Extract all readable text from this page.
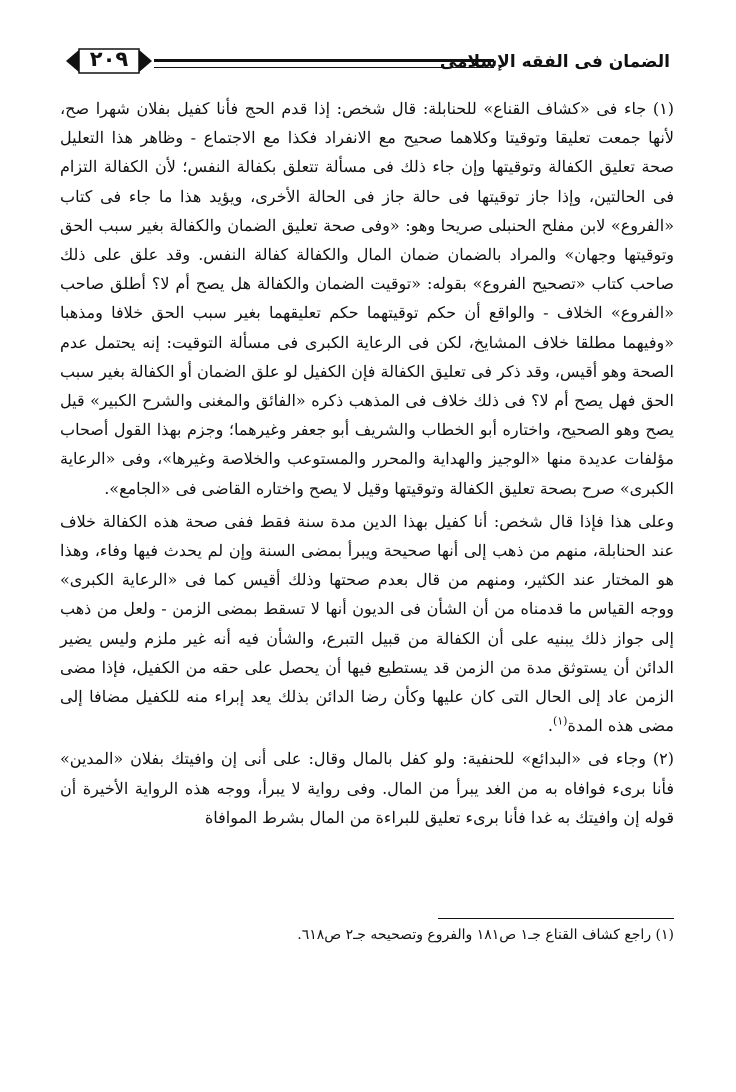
الضمان فى الفقه الإسلامى
٢٠٩

(١) جاء فى «كشاف القناع» للحنابلة: قال شخص: إذا قدم الحج فأنا كفيل بفلان شهرا صح، لأنها جمعت تعليقا وتوقيتا وكلاهما صحيح مع الانفراد فكذا مع الاجتماع - وظاهر هذا التعليل صحة تعليق الكفالة وتوقيتها وإن جاء ذلك فى مسألة تتعلق بكفالة النفس؛ لأن الكفالة التزام فى الحالتين، وإذا جاز توقيتها فى حالة جاز فى الحالة الأخرى، ويؤيد هذا ما جاء فى كتاب «الفروع» لابن مفلح الحنبلى صريحا وهو: «وفى صحة تعليق الضمان والكفالة بغير سبب الحق وتوقيتها وجهان» والمراد بالضمان ضمان المال والكفالة كفالة النفس. وقد علق على ذلك صاحب كتاب «تصحيح الفروع» بقوله: «توقيت الضمان والكفالة هل يصح أم لا؟ أطلق صاحب «الفروع» الخلاف - والواقع أن حكم توقيتهما حكم تعليقهما بغير سبب الحق خلافا ومذهبا «وفيهما مطلقا خلاف المشايخ، لكن فى الرعاية الكبرى فى مسألة التوقيت: إنه يحتمل عدم الصحة وهو أقيس، وقد ذكر فى تعليق الكفالة فإن الكفيل لو علق الضمان أو الكفالة بغير سبب الحق فهل يصح أم لا؟ فى ذلك خلاف فى المذهب ذكره «الفائق والمغنى والشرح الكبير» قيل يصح وهو الصحيح، واختاره أبو الخطاب والشريف أبو جعفر وغيرهما؛ وجزم بهذا القول أصحاب مؤلفات عديدة منها «الوجيز والهداية والمحرر والمستوعب والخلاصة وغيرها»، وفى «الرعاية الكبرى» صرح بصحة تعليق الكفالة وتوقيتها وقيل لا يصح واختاره القاضى فى «الجامع».

وعلى هذا فإذا قال شخص: أنا كفيل بهذا الدين مدة سنة فقط ففى صحة هذه الكفالة خلاف عند الحنابلة، منهم من ذهب إلى أنها صحيحة ويبرأ بمضى السنة وإن لم يحدث فيها وفاء، وهذا هو المختار عند الكثير، ومنهم من قال بعدم صحتها وذلك أقيس كما فى «الرعاية الكبرى» ووجه القياس ما قدمناه من أن الشأن فى الديون أنها لا تسقط بمضى الزمن - ولعل من ذهب إلى جواز ذلك يبنيه على أن الكفالة من قبيل التبرع، والشأن فيه أنه غير ملزم وليس يضير الدائن أن يستوثق مدة من الزمن قد يستطيع فيها أن يحصل على حقه من الكفيل، فإذا مضى الزمن عاد إلى الحال التى كان عليها وكأن رضا الدائن بذلك يعد إبراء منه للكفيل مضافا إلى مضى هذه المدة$^{(١)}$.

(٢) وجاء فى «البدائع» للحنفية: ولو كفل بالمال وقال: على أنى إن وافيتك بفلان «المدين» فأنا برىء فوافاه به من الغد يبرأ من المال. وفى رواية لا يبرأ، ووجه هذه الرواية الأخيرة أن قوله إن وافيتك به غدا فأنا برىء تعليق للبراءة من المال بشرط الموافاة

(١) راجع كشاف القناع جـ١ ص١٨١ والفروع وتصحيحه جـ٢ ص٦١٨.
